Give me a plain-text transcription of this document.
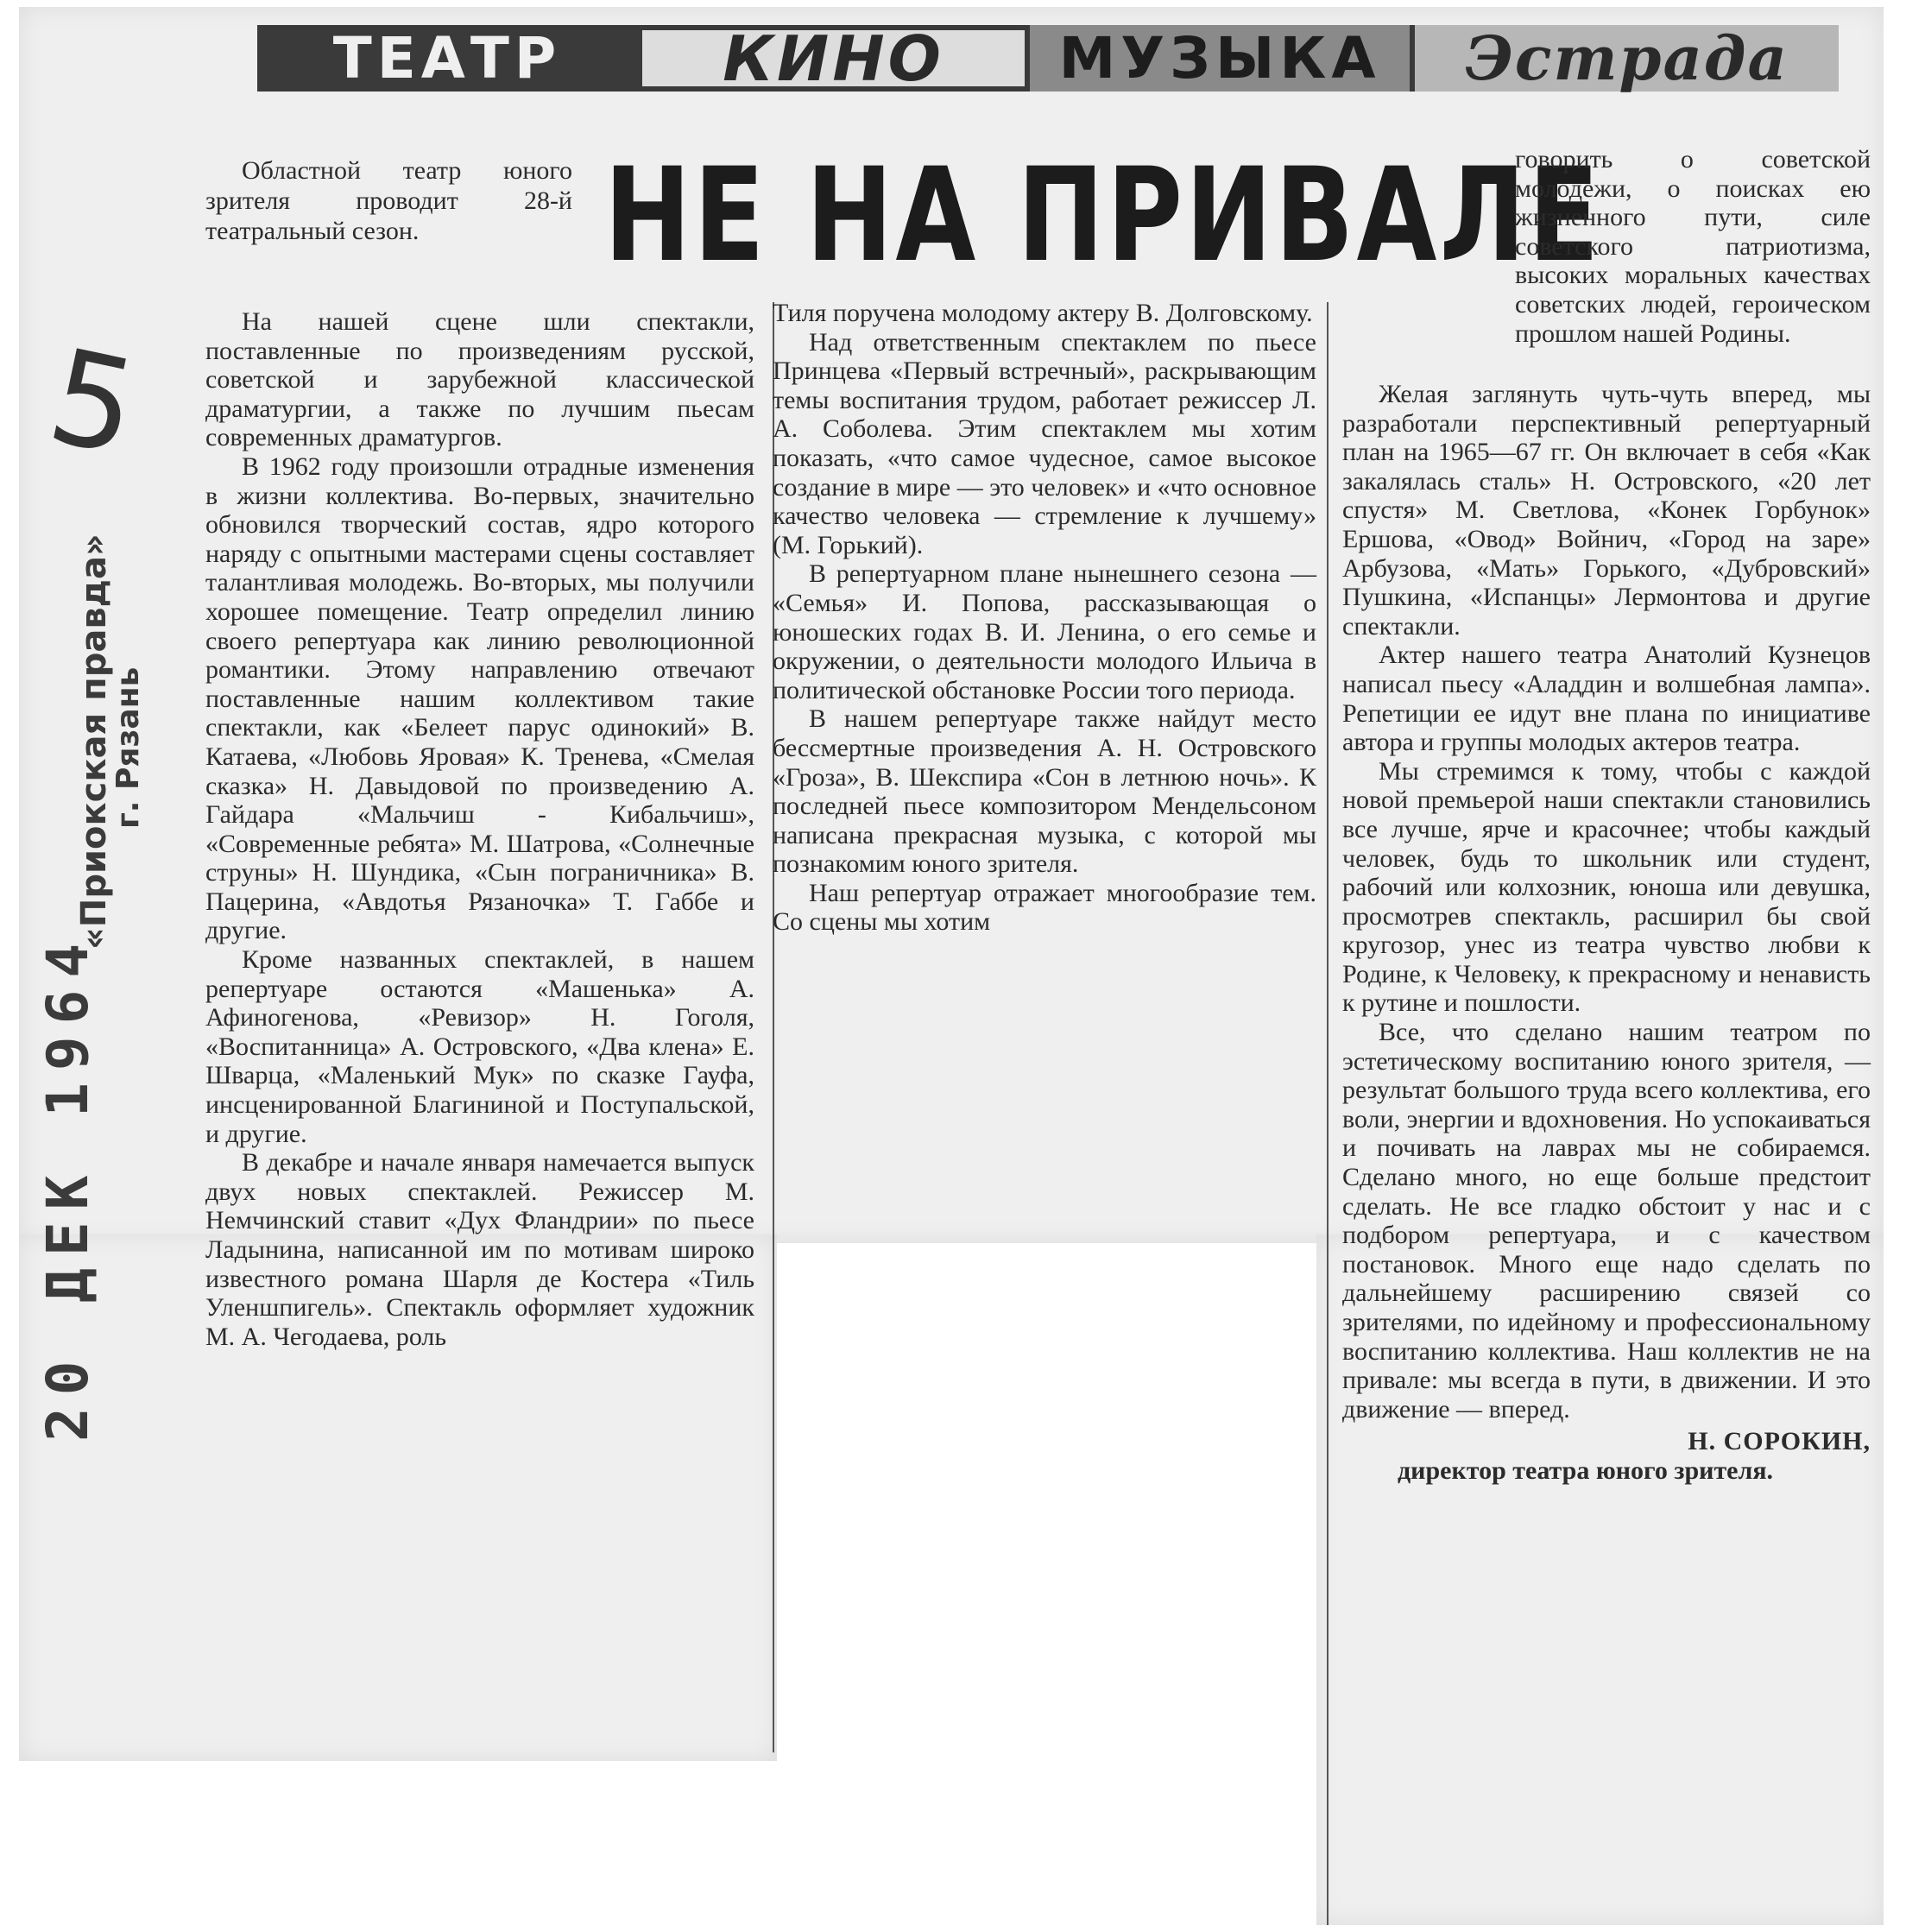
ТЕАТР	КИНО	МУЗЫКА	Эстрада
НЕ НА ПРИВАЛЕ

Областной театр юного зрителя проводит 28-й театральный сезон.

говорить о советской молодежи, о поисках ею жизненного пути, силе советского патриотизма, высоких моральных качествах советских людей, героическом прошлом нашей Родины.

На нашей сцене шли спектакли, поставленные по произведениям русской, советской и зарубежной классической драматургии, а также по лучшим пьесам современных драматургов.

В 1962 году произошли отрадные изменения в жизни коллектива. Во-первых, значительно обновился творческий состав, ядро которого наряду с опытными мастерами сцены составляет талантливая молодежь. Во-вторых, мы получили хорошее помещение. Театр определил линию своего репертуара как линию революционной романтики. Этому направлению отвечают поставленные нашим коллективом такие спектакли, как «Белеет парус одинокий» В. Катаева, «Любовь Яровая» К. Тренева, «Смелая сказка» Н. Давыдовой по произведению А. Гайдара «Мальчиш - Кибальчиш», «Современные ребята» М. Шатрова, «Солнечные струны» Н. Шундика, «Сын пограничника» В. Пацерина, «Авдотья Рязаночка» Т. Габбе и другие.

Кроме названных спектаклей, в нашем репертуаре остаются «Машенька» А. Афиногенова, «Ревизор» Н. Гоголя, «Воспитанница» А. Островского, «Два клена» Е. Шварца, «Маленький Мук» по сказке Гауфа, инсценированной Благининой и Поступальской, и другие.

В декабре и начале января намечается выпуск двух новых спектаклей. Режиссер М. Немчинский ставит «Дух Фландрии» по пьесе Ладынина, написанной им по мотивам широко известного романа Шарля де Костера «Тиль Уленшпигель». Спектакль оформляет художник М. А. Чегодаева, роль

Тиля поручена молодому актеру В. Долговскому.

Над ответственным спектаклем по пьесе Принцева «Первый встречный», раскрывающим темы воспитания трудом, работает режиссер Л. А. Соболева. Этим спектаклем мы хотим показать, «что самое чудесное, самое высокое создание в мире — это человек» и «что основное качество человека — стремление к лучшему» (М. Горький).

В репертуарном плане нынешнего сезона — «Семья» И. Попова, рассказывающая о юношеских годах В. И. Ленина, о его семье и окружении, о деятельности молодого Ильича в политической обстановке России того периода.

В нашем репертуаре также найдут место бессмертные произведения А. Н. Островского «Гроза», В. Шекспира «Сон в летнюю ночь». К последней пьесе композитором Мендельсоном написана прекрасная музыка, с которой мы познакомим юного зрителя.

Наш репертуар отражает многообразие тем. Со сцены мы хотим

Желая заглянуть чуть-чуть вперед, мы разработали перспективный репертуарный план на 1965—67 гг. Он включает в себя «Как закалялась сталь» Н. Островского, «20 лет спустя» М. Светлова, «Конек Горбунок» Ершова, «Овод» Войнич, «Город на заре» Арбузова, «Мать» Горького, «Дубровский» Пушкина, «Испанцы» Лермонтова и другие спектакли.

Актер нашего театра Анатолий Кузнецов написал пьесу «Аладдин и волшебная лампа». Репетиции ее идут вне плана по инициативе автора и группы молодых актеров театра.

Мы стремимся к тому, чтобы с каждой новой премьерой наши спектакли становились все лучше, ярче и красочнее; чтобы каждый человек, будь то школьник или студент, рабочий или колхозник, юноша или девушка, просмотрев спектакль, расширил бы свой кругозор, унес из театра чувство любви к Родине, к Человеку, к прекрасному и ненависть к рутине и пошлости.

Все, что сделано нашим театром по эстетическому воспитанию юного зрителя, — результат большого труда всего коллектива, его воли, энергии и вдохновения. Но успокаиваться и почивать на лаврах мы не собираемся. Сделано много, но еще больше предстоит сделать. Не все гладко обстоит у нас и с подбором репертуара, и с качеством постановок. Много еще надо сделать по дальнейшему расширению связей со зрителями, по идейному и профессиональному воспитанию коллектива. Наш коллектив не на привале: мы всегда в пути, в движении. И это движение — вперед.

Н. СОРОКИН,
директор театра юного зрителя.
5
«Приокская правда»
г. Рязань
20 ДЕК 1964
